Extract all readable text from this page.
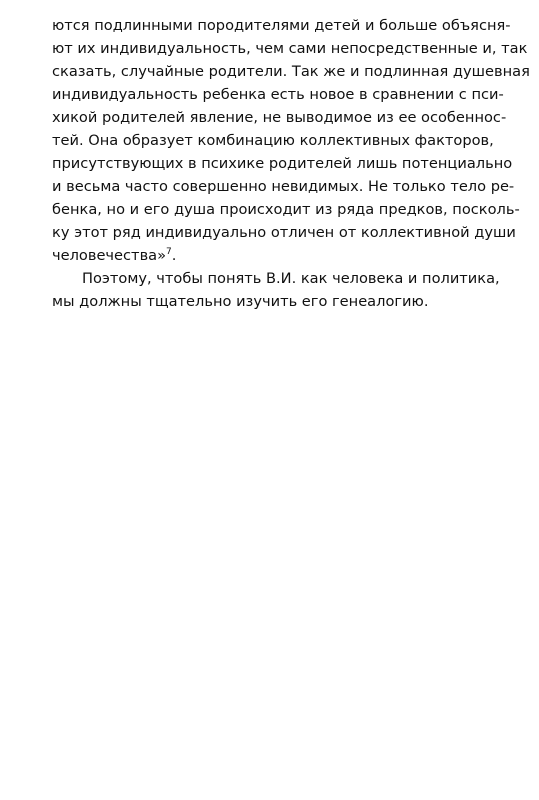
ются подлинными породителями детей и больше объясня-
ют их индивидуальность, чем сами непосредственные и, так
сказать, случайные родители. Так же и подлинная душевная
индивидуальность ребенка есть новое в сравнении с пси-
хикой родителей явление, не выводимое из ее особеннос-
тей. Она образует комбинацию коллективных факторов,
присутствующих в психике родителей лишь потенциально
и весьма часто совершенно невидимых. Не только тело ре-
бенка, но и его душа происходит из ряда предков, посколь-
ку этот ряд индивидуально отличен от коллективной души
человечества»$^7$.
Поэтому, чтобы понять В.И. как человека и политика,
мы должны тщательно изучить его генеалогию.
